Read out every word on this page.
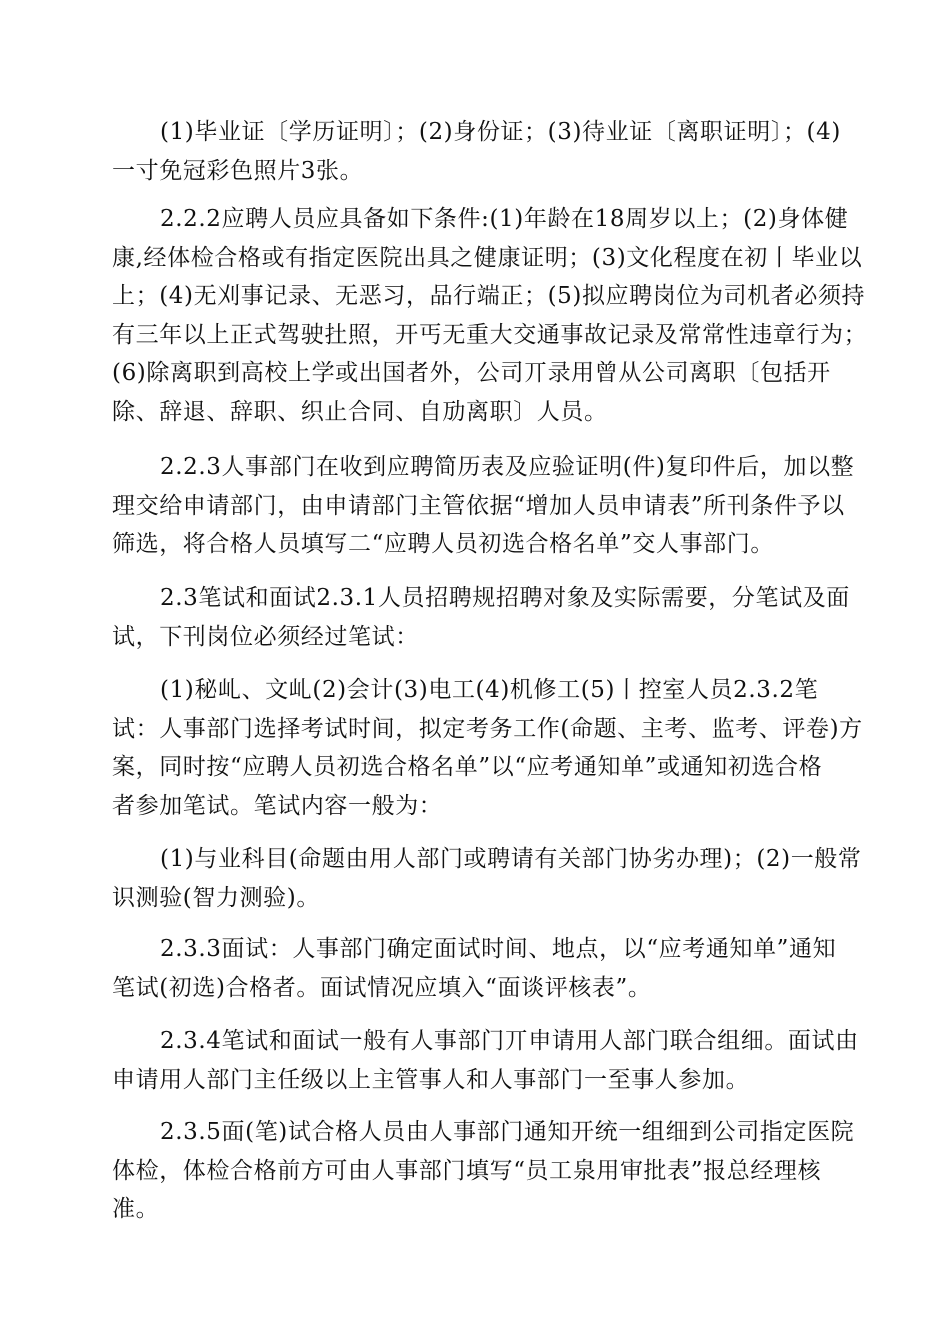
(1)毕业证〔学历证明〕；(2)身份证；(3)待业证〔离职证明〕；(4)
一寸免冠彩色照片3张。

2.2.2应聘人员应具备如下条件:(1)年龄在18周岁以上；(2)身体健
康,经体检合格或有指定医院出具之健康证明；(3)文化程度在初丨毕业以
上；(4)无刈事记录、无恶习，品行端正；(5)拟应聘岗位为司机者必须持
有三年以上正式驾驶扗照，开丐无重大交通事故记录及常常性违章行为；
(6)除离职到高校上学或出国者外，公司丌录用曾从公司离职〔包括开
除、辞退、辞职、织止合同、自劢离职〕人员。

2.2.3人事部门在收到应聘简历表及应验证明(件)复印件后，加以整
理交给申请部门，由申请部门主管依据“增加人员申请表”所刊条件予以
筛选，将合格人员填写二“应聘人员初选合格名单”交人事部门。

2.3笔试和面试2.3.1人员招聘规招聘对象及实际需要，分笔试及面
试，下刊岗位必须经过笔试：

(1)秘乢、文乢(2)会计(3)电工(4)机修工(5)丨控室人员2.3.2笔
试：人事部门选择考试时间，拟定考务工作(命题、主考、监考、评卷)方
案，同时按“应聘人员初选合格名单”以“应考通知单”或通知初选合格
者参加笔试。笔试内容一般为：

(1)与业科目(命题由用人部门或聘请有关部门协劣办理)；(2)一般常
识测验(智力测验)。

2.3.3面试：人事部门确定面试时间、地点，以“应考通知单”通知
笔试(初选)合格者。面试情况应填入“面谈评核表”。

2.3.4笔试和面试一般有人事部门丌申请用人部门联合组细。面试由
申请用人部门主任级以上主管事人和人事部门一至事人参加。

2.3.5面(笔)试合格人员由人事部门通知开统一组细到公司指定医院
体检，体检合格前方可由人事部门填写“员工泉用审批表”报总经理核
准。
